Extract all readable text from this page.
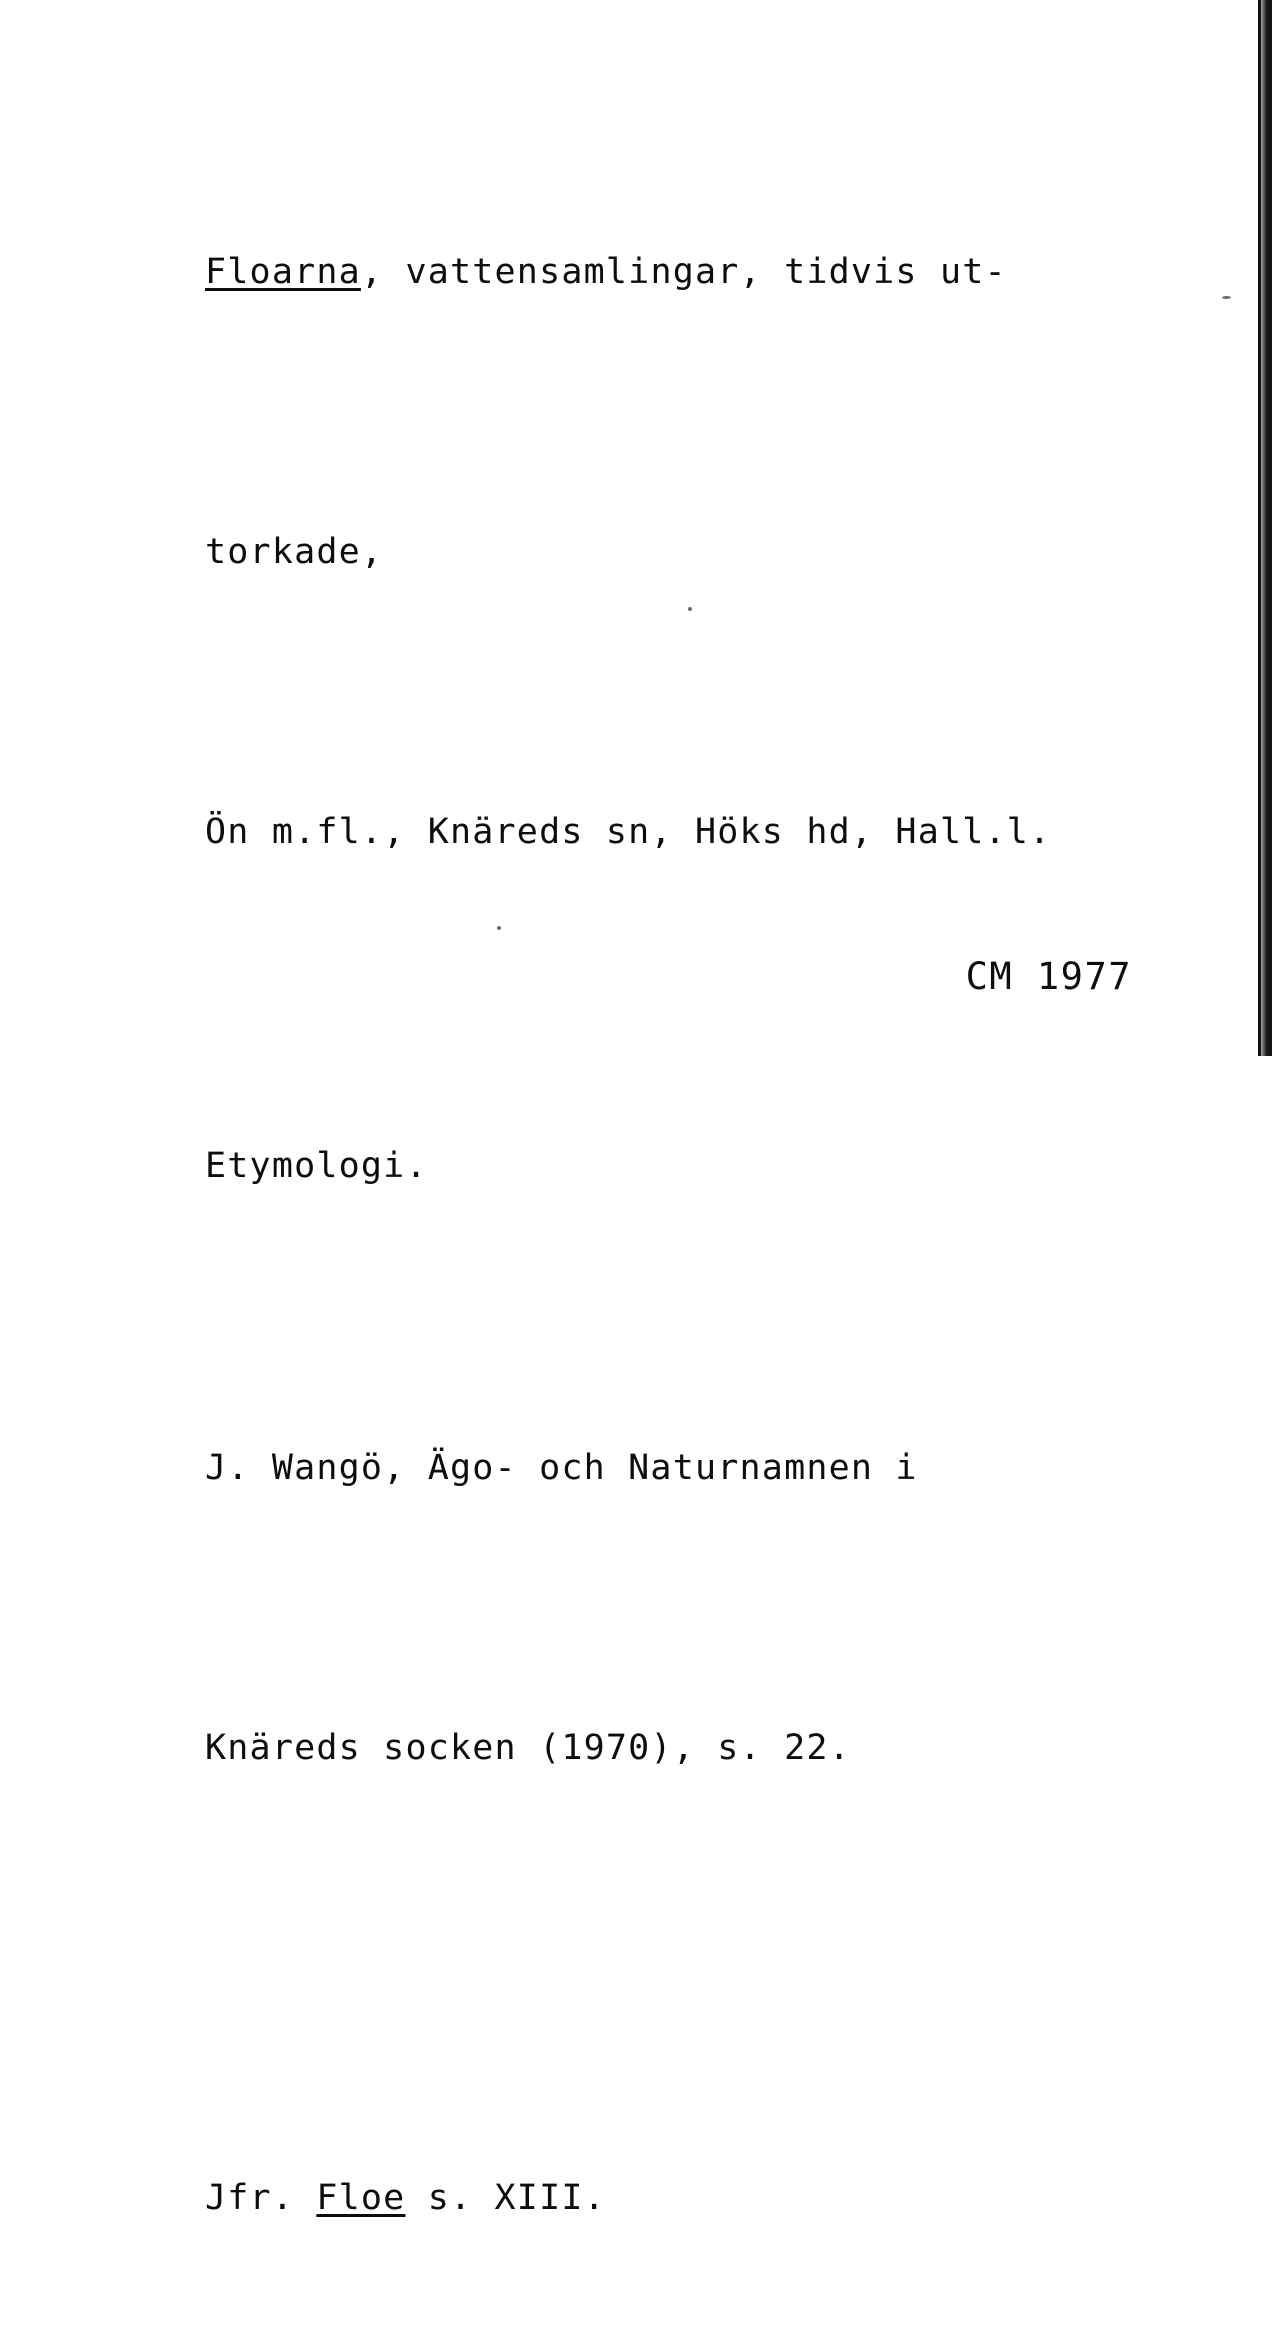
Floarna, vattensamlingar, tidvis ut-

torkade,

Ön m.fl., Knäreds sn, Höks hd, Hall.l.

Etymologi.

J. Wangö, Ägo- och Naturnamnen i

Knäreds socken (1970), s. 22.

Jfr. Floe s. XIII.

CM 1977
